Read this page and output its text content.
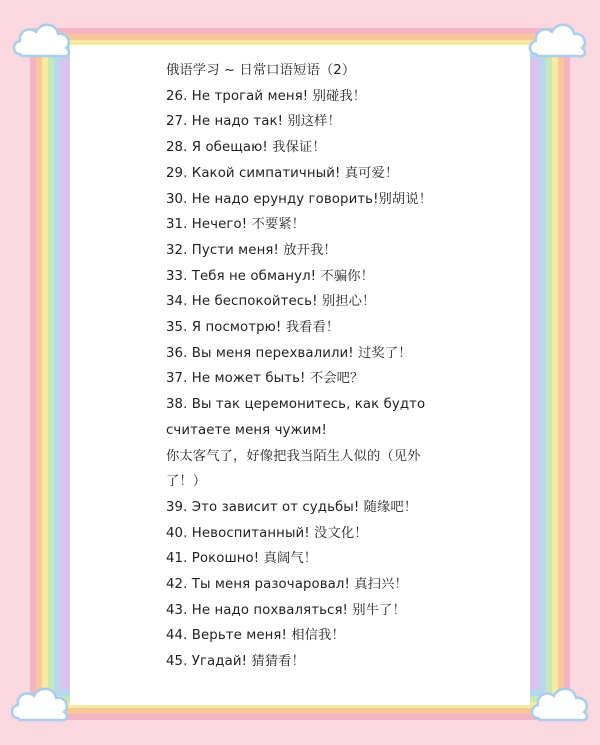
俄语学习 ~ 日常口语短语（2）
26. Не трогай меня! 别碰我！
27. Не надо так! 别这样！
28. Я обещаю! 我保证！
29. Какой симпатичный! 真可爱！
30. Не надо ерунду говорить!别胡说！
31. Нечего! 不要紧！
32. Пусти меня! 放开我！
33. Тебя не обманул! 不骗你！
34. Не беспокойтесь! 别担心！
35. Я посмотрю! 我看看！
36. Вы меня перехвалили! 过奖了！
37. Не может быть! 不会吧？
38. Вы так церемонитесь, как будто
считаете меня чужим!
你太客气了，好像把我当陌生人似的（见外
了！）
39. Это зависит от судьбы! 随缘吧！
40. Невоспитанный! 没文化！
41. Рокошно! 真阔气！
42. Ты меня разочаровал! 真扫兴！
43. Не надо похваляться! 别牛了！
44. Верьте меня! 相信我！
45. Угадай! 猜猜看！
